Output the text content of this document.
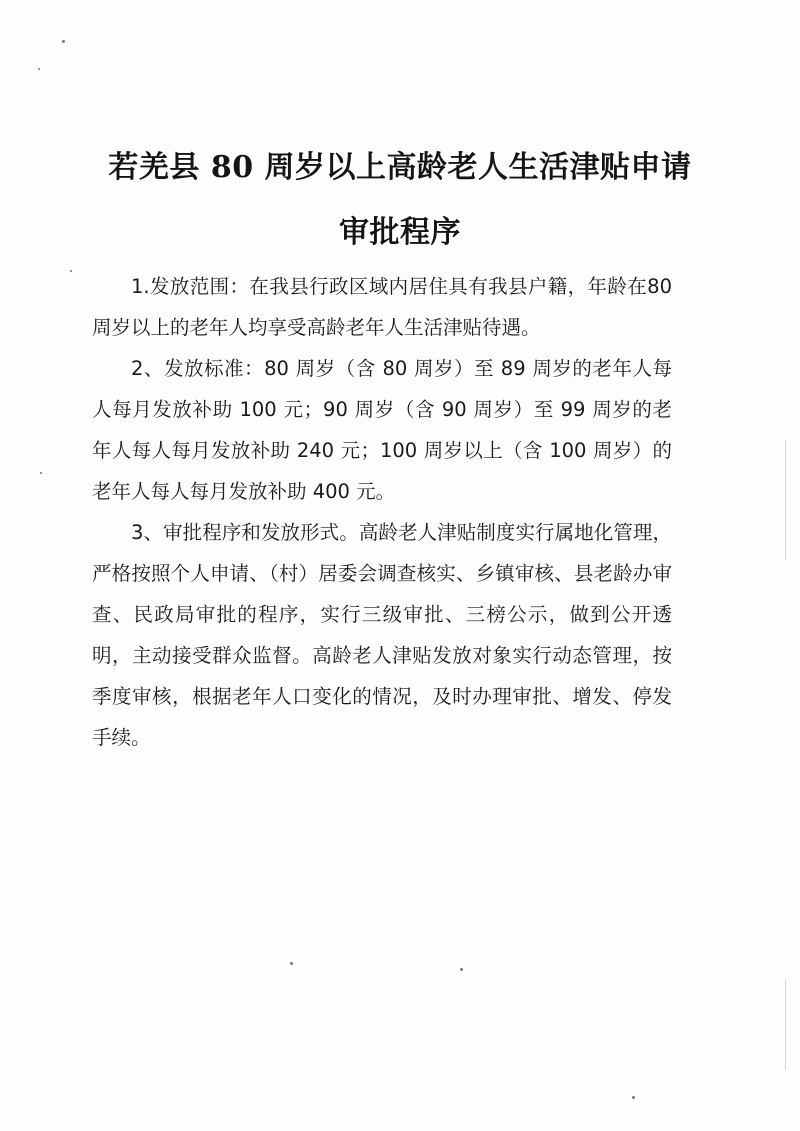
若羌县 80 周岁以上高龄老人生活津贴申请
审批程序

1.发放范围：在我县行政区域内居住具有我县户籍，年龄在80周岁以上的老年人均享受高龄老年人生活津贴待遇。

2、发放标准：80 周岁（含 80 周岁）至 89 周岁的老年人每人每月发放补助 100 元；90 周岁（含 90 周岁）至 99 周岁的老年人每人每月发放补助 240 元；100 周岁以上（含 100 周岁）的老年人每人每月发放补助 400 元。

3、审批程序和发放形式。高龄老人津贴制度实行属地化管理，严格按照个人申请、（村）居委会调查核实、乡镇审核、县老龄办审查、民政局审批的程序，实行三级审批、三榜公示，做到公开透明，主动接受群众监督。高龄老人津贴发放对象实行动态管理，按季度审核，根据老年人口变化的情况，及时办理审批、增发、停发手续。
